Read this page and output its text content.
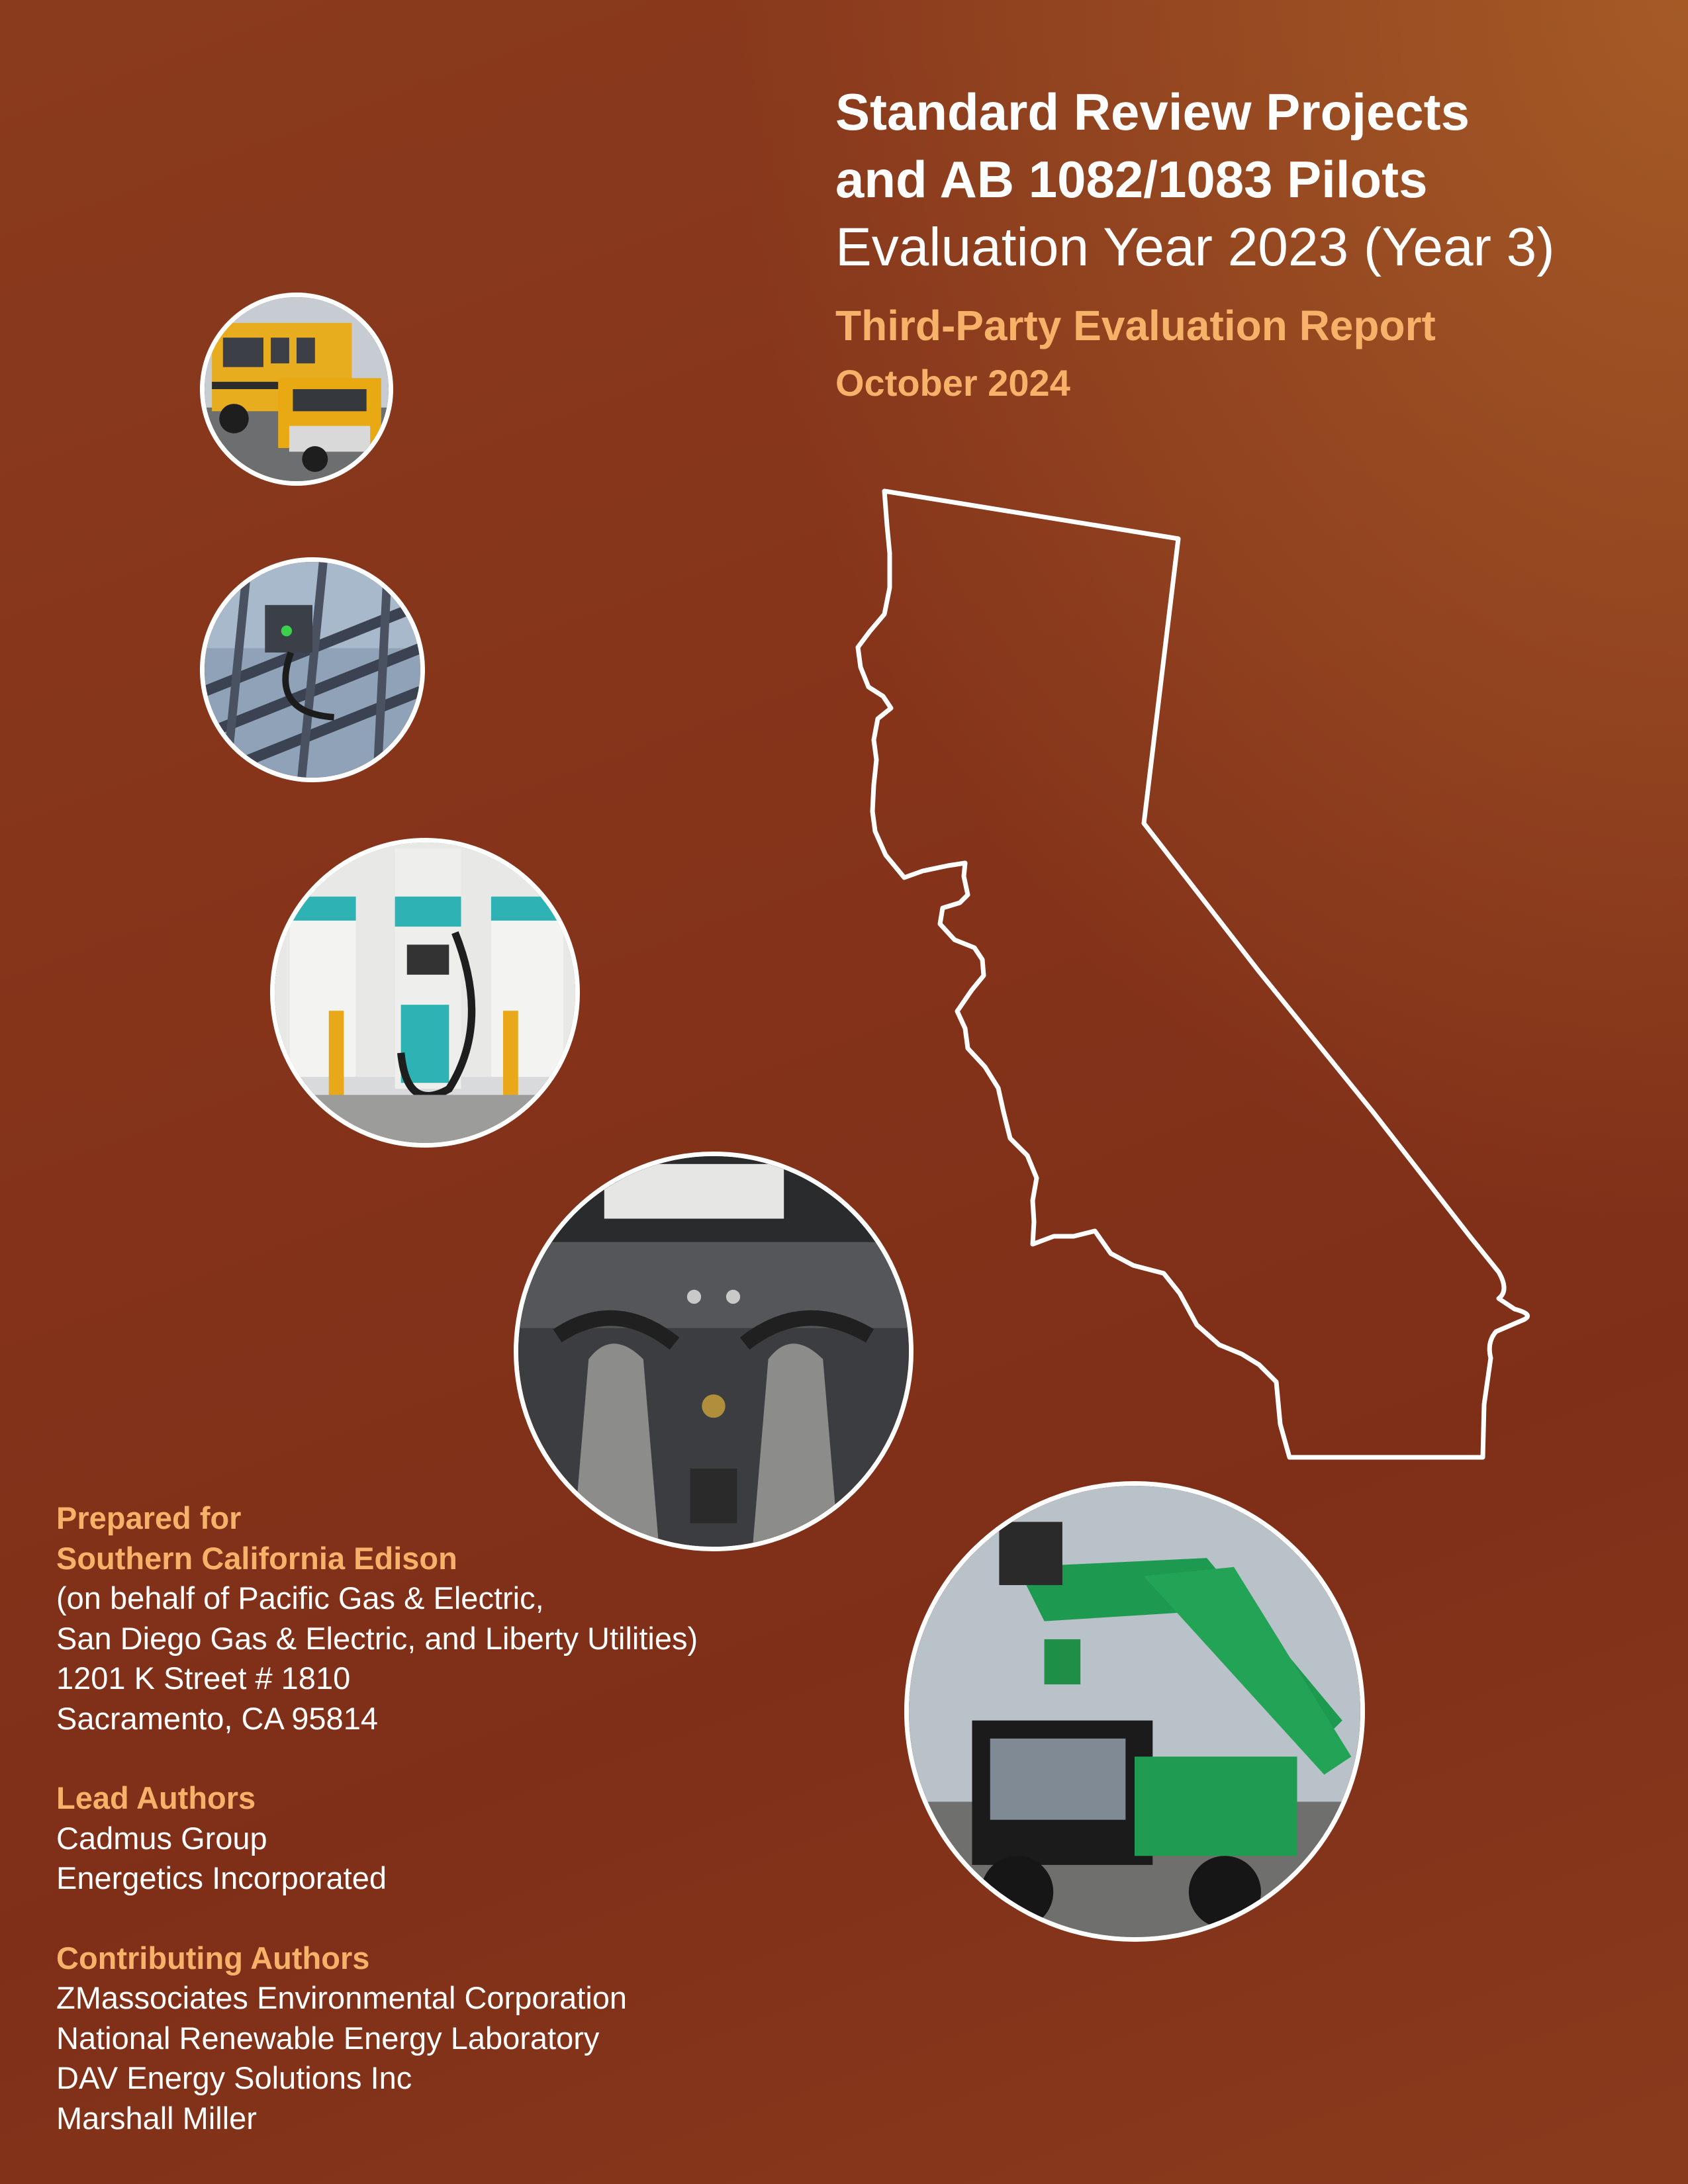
Standard Review Projects

and AB 1082/1083 Pilots

Evaluation Year 2023 (Year 3)

Third-Party Evaluation Report

October 2024

Prepared for
Southern California Edison
(on behalf of Pacific Gas & Electric,
San Diego Gas & Electric, and Liberty Utilities)
1201 K Street # 1810
Sacramento, CA 95814
Lead Authors
Cadmus Group
Energetics Incorporated
Contributing Authors
ZMassociates Environmental Corporation
National Renewable Energy Laboratory
DAV Energy Solutions Inc
Marshall Miller
